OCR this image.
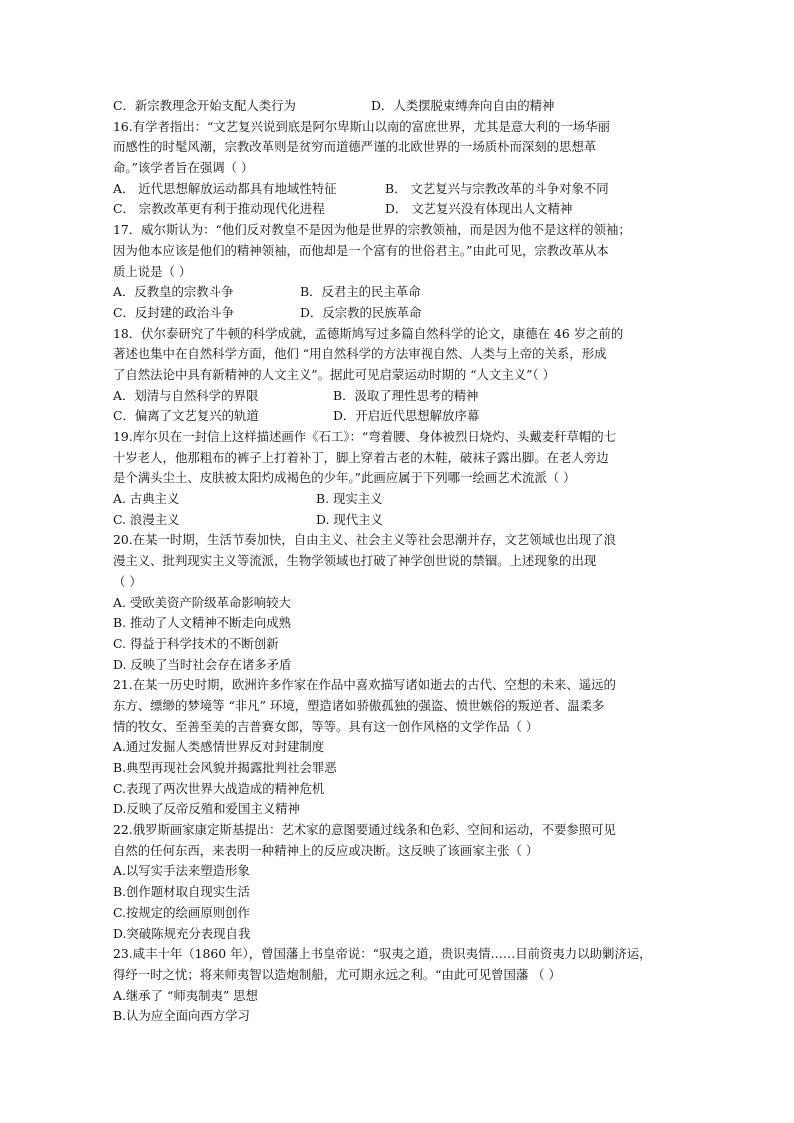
C．新宗教理念开始支配人类行为	D．人类摆脱束缚奔向自由的精神
16.有学者指出：“文艺复兴说到底是阿尔卑斯山以南的富庶世界，尤其是意大利的一场华丽
而感性的时髦风潮，宗教改革则是贫穷而道德严谨的北欧世界的一场质朴而深刻的思想革
命。”该学者旨在强调（ ）
A． 近代思想解放运动都具有地域性特征	B． 文艺复兴与宗教改革的斗争对象不同
C． 宗教改革更有利于推动现代化进程	D． 文艺复兴没有体现出人文精神
17．威尔斯认为：“他们反对教皇不是因为他是世界的宗教领袖，而是因为他不是这样的领袖；
因为他本应该是他们的精神领袖，而他却是一个富有的世俗君主。”由此可见，宗教改革从本
质上说是（ ）
A．反教皇的宗教斗争	B．反君主的民主革命
C．反封建的政治斗争	D．反宗教的民族革命
18．伏尔泰研究了牛顿的科学成就，孟德斯鸠写过多篇自然科学的论文，康德在 46 岁之前的
著述也集中在自然科学方面，他们 “用自然科学的方法审视自然、人类与上帝的关系，形成
了自然法论中具有新精神的人文主义”。据此可见启蒙运动时期的 “人文主义”（ ）
A．划清与自然科学的界限	B．汲取了理性思考的精神
C．偏离了文艺复兴的轨道	D．开启近代思想解放序幕
19.库尔贝在一封信上这样描述画作《石工》：“弯着腰、身体被烈日烧灼、头戴麦秆草帽的七
十岁老人，他那粗布的裤子上打着补丁，脚上穿着古老的木鞋，破袜子露出脚。在老人旁边
是个满头尘土、皮肤被太阳灼成褐色的少年。”此画应属于下列哪一绘画艺术流派（ ）
A. 古典主义	B. 现实主义
C. 浪漫主义	D. 现代主义
20.在某一时期，生活节奏加快，自由主义、社会主义等社会思潮并存，文艺领域也出现了浪
漫主义、批判现实主义等流派，生物学领域也打破了神学创世说的禁锢。上述现象的出现
（ ）
A. 受欧美资产阶级革命影响较大
B. 推动了人文精神不断走向成熟
C. 得益于科学技术的不断创新
D. 反映了当时社会存在诸多矛盾
21.在某一历史时期，欧洲许多作家在作品中喜欢描写诸如逝去的古代、空想的未来、遥远的
东方、缥缈的梦境等 “非凡” 环境，塑造诸如骄傲孤独的强盗、愤世嫉俗的叛逆者、温柔多
情的牧女、至善至美的吉普赛女郎，等等。具有这一创作风格的文学作品（ ）
A.通过发掘人类感情世界反对封建制度
B.典型再现社会风貌并揭露批判社会罪恶
C.表现了两次世界大战造成的精神危机
D.反映了反帝反殖和爱国主义精神
22.俄罗斯画家康定斯基提出：艺术家的意图要通过线条和色彩、空间和运动，不要参照可见
自然的任何东西，来表明一种精神上的反应或决断。这反映了该画家主张（ ）
A.以写实手法来塑造形象
B.创作题材取自现实生活
C.按规定的绘画原则创作
D.突破陈规充分表现自我
23.咸丰十年（1860 年），曾国藩上书皇帝说：“驭夷之道，贵识夷情……目前资夷力以助剿济运，
得纾一时之忧；将来师夷智以造炮制船，尤可期永远之利。“由此可见曾国藩 （ ）
A.继承了 “师夷制夷” 思想
B.认为应全面向西方学习
